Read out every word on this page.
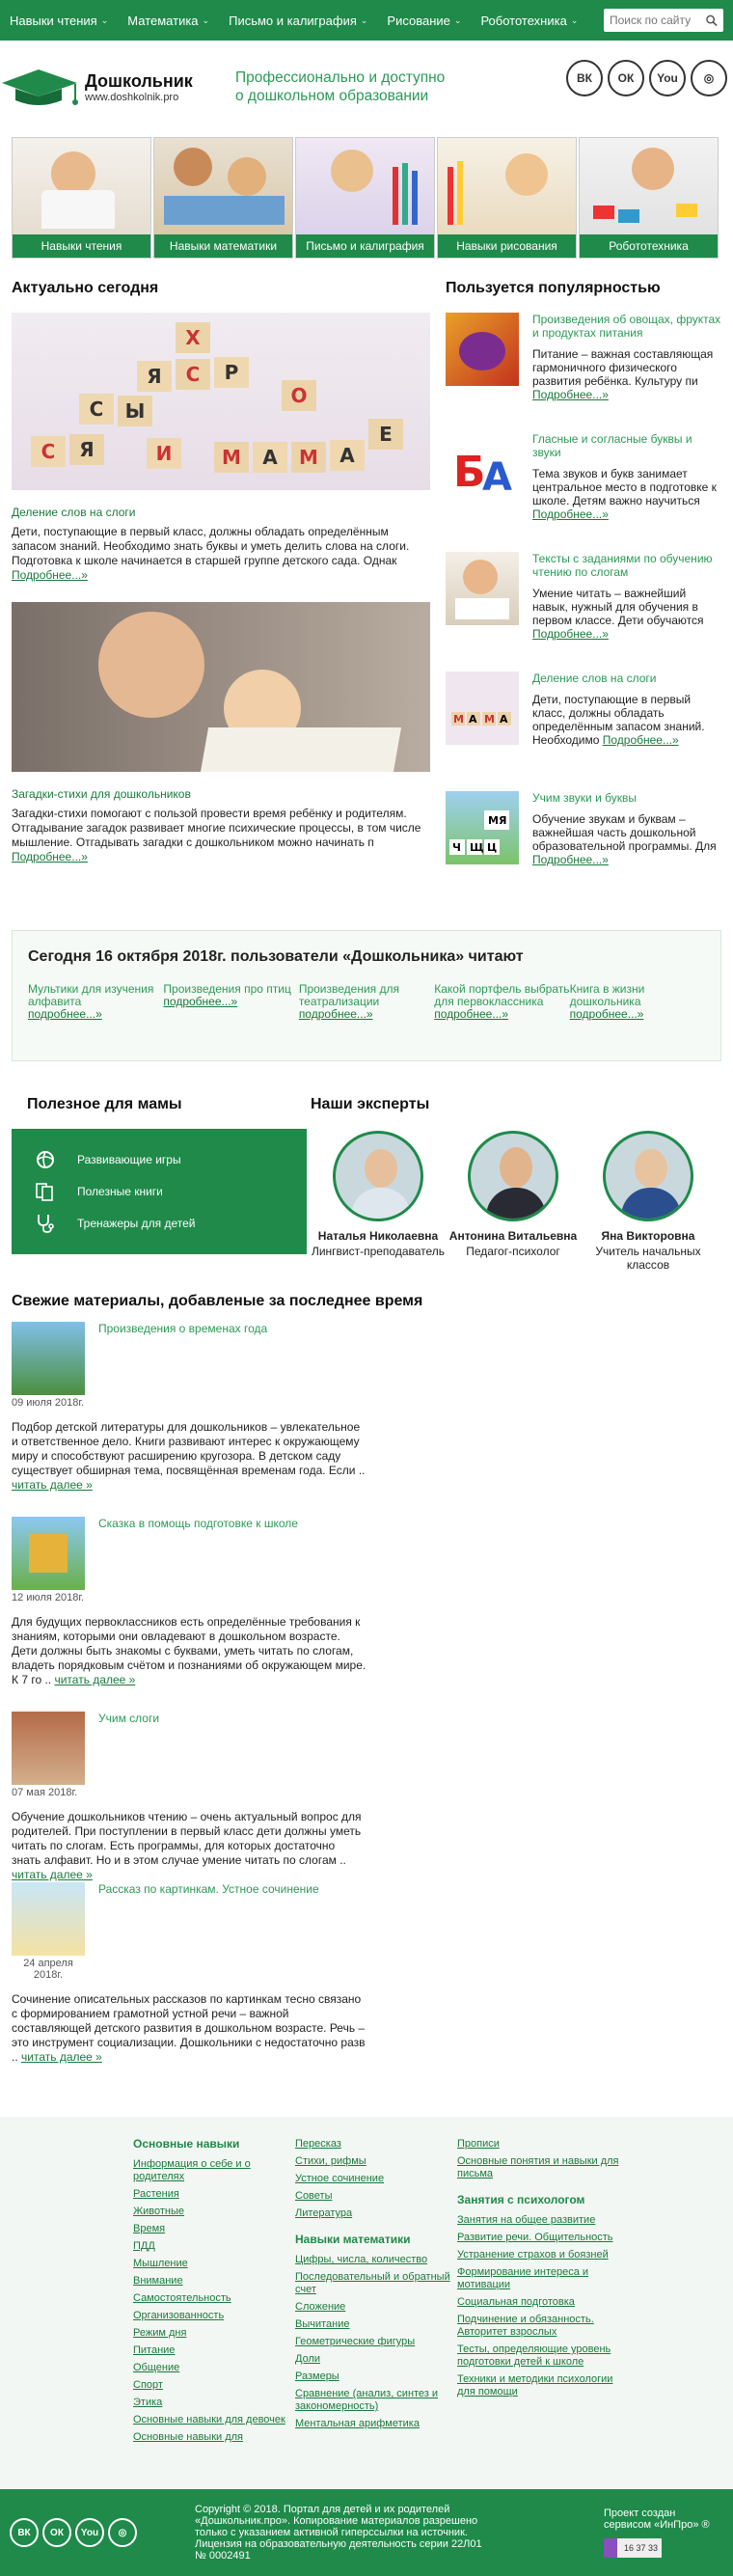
Навыки чтения ⌄ Математика ⌄ Письмо и калиграфия ⌄ Рисование ⌄ Робототехника ⌄
Поиск по сайту
Дошкольник
www.doshkolnik.pro
Профессионально и доступно
о дошкольном образовании
ВК	ОК	You	◎
Навыки чтения	Навыки математики	Письмо и калиграфия	Навыки рисования	Робототехника
Актуально сегодня
Х
Я С Р
Ы
С
О
С Я	И	М А М А
Е
Деление слов на слоги
Дети, поступающие в первый класс, должны обладать определённым запасом знаний. Необходимо знать буквы и уметь делить слова на слоги. Подготовка к школе начинается в старшей группе детского сада. Однак
Подробнее...»
Загадки-стихи для дошкольников
Загадки-стихи помогают с пользой провести время ребёнку и родителям. Отгадывание загадок развивает многие психические процессы, в том числе мышление. Отгадывать загадки с дошкольником можно начинать п
Подробнее...»
Пользуется популярностью
Произведения об овощах, фруктах и продуктах питания
Питание – важная составляющая гармоничного физического развития ребёнка. Культуру пи Подробнее...»
Б
А
Гласные и согласные буквы и звуки
Тема звуков и букв занимает центральное место в подготовке к школе. Детям важно научиться Подробнее...»
Тексты с заданиями по обучению чтению по слогам
Умение читать – важнейший навык, нужный для обучения в первом классе. Дети обучаются Подробнее...»
М А М А
Деление слов на слоги
Дети, поступающие в первый класс, должны обладать определённым запасом знаний. Необходимо Подробнее...»
Ч Щ Ц
МЯ
Учим звуки и буквы
Обучение звукам и буквам – важнейшая часть дошкольной образовательной программы. Для Подробнее...»
Сегодня 16 октября 2018г. пользователи «Дошкольника» читают
Мультики для изучения алфавита
подробнее...»
Произведения про птиц
подробнее...»
Произведения для театрализации
подробнее...»
Какой портфель выбрать для первоклассника
подробнее...»
Книга в жизни дошкольника
подробнее...»
Полезное для мамы
Развивающие игры
Полезные книги
Тренажеры для детей
Наши эксперты
Наталья Николаевна
Лингвист-преподаватель
Антонина Витальевна
Педагог-психолог
Яна Викторовна
Учитель начальных классов
Свежие материалы, добавленые за последнее время
Произведения о временах года
09 июля 2018г.
Подбор детской литературы для дошкольников – увлекательное и ответственное дело. Книги развивают интерес к окружающему миру и способствуют расширению кругозора. В детском саду существует обширная тема, посвящённая временам года. Если .. читать далее »
Сказка в помощь подготовке к школе
12 июля 2018г.
Для будущих первоклассников есть определённые требования к знаниям, которыми они овладевают в дошкольном возрасте. Дети должны быть знакомы с буквами, уметь читать по слогам, владеть порядковым счётом и познаниями об окружающем мире. К 7 го .. читать далее »
Учим слоги
07 мая 2018г.
Обучение дошкольников чтению – очень актуальный вопрос для родителей. При поступлении в первый класс дети должны уметь читать по слогам. Есть программы, для которых достаточно знать алфавит. Но и в этом случае умение читать по слогам .. читать далее »
Рассказ по картинкам. Устное сочинение
24 апреля 2018г.
Сочинение описательных рассказов по картинкам тесно связано с формированием грамотной устной речи – важной составляющей детского развития в дошкольном возрасте. Речь – это инструмент социализации. Дошкольники с недостаточно разв .. читать далее »
Основные навыки
Информация о себе и о родителях
Растения
Животные
Время
ПДД
Мышление
Внимание
Самостоятельность
Организованность
Режим дня
Питание
Общение
Спорт
Этика
Основные навыки для девочек
Основные навыки для
Пересказ
Стихи, рифмы
Устное сочинение
Советы
Литература
Навыки математики
Цифры, числа, количество
Последовательный и обратный счет
Сложение
Вычитание
Геометрические фигуры
Доли
Размеры
Сравнение (анализ, синтез и закономерность)
Ментальная арифметика
Прописи
Основные понятия и навыки для письма
Занятия с психологом
Занятия на общее развитие
Развитие речи. Общительность
Устранение страхов и боязней
Формирование интереса и мотивации
Социальная подготовка
Подчинение и обязанность. Авторитет взрослых
Тесты, определяющие уровень подготовки детей к школе
Техники и методики психологии для помощи
ВК	ОК	You	◎
Copyright © 2018. Портал для детей и их родителей «Дошкольник.про». Копирование материалов разрешено только с указанием активной гиперссылки на источник. Лицензия на образовательную деятельность серии 22Л01 № 0002491
Проект создан сервисом «ИнПро» ®
16 37 33
